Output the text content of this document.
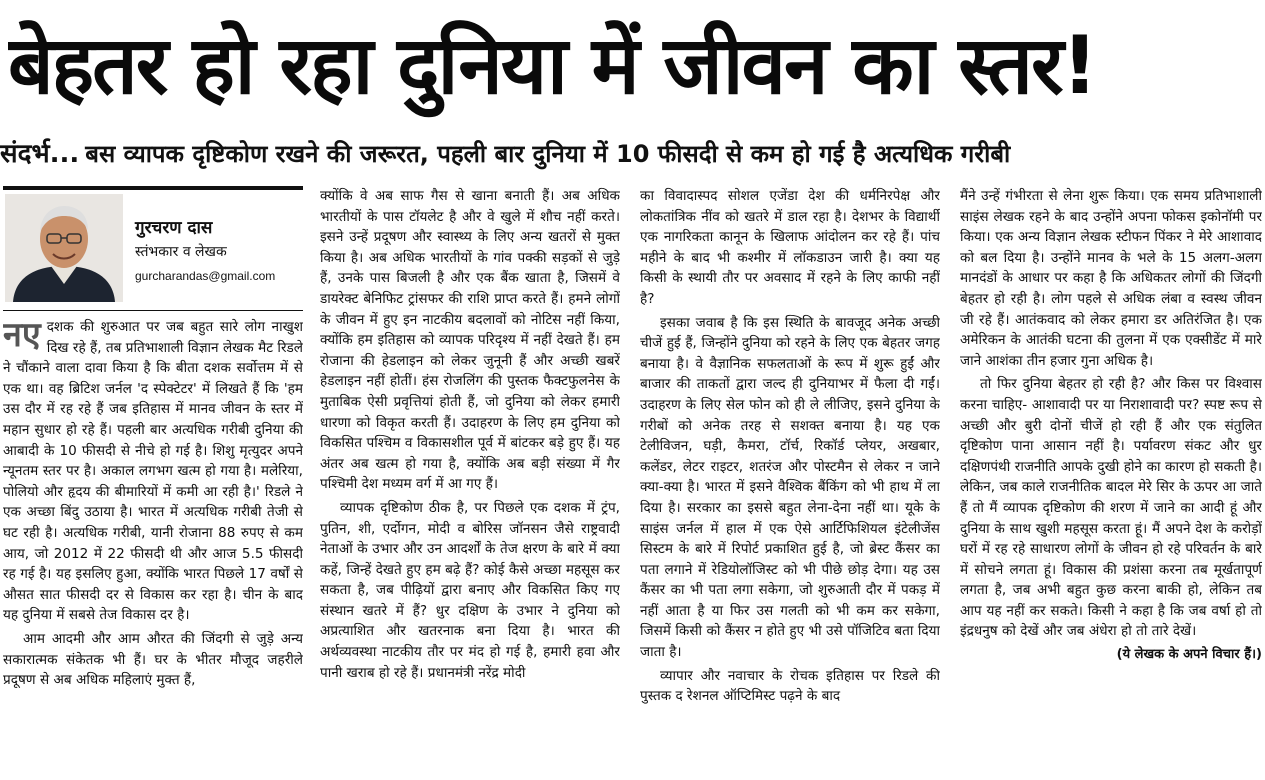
बेहतर हो रहा दुनिया में जीवन का स्तर!
संदर्भ... बस व्यापक दृष्टिकोण रखने की जरूरत, पहली बार दुनिया में 10 फीसदी से कम हो गई है अत्यधिक गरीबी
गुरचरण दास
स्तंभकार व लेखक
gurcharandas@gmail.com

नए दशक की शुरुआत पर जब बहुत सारे लोग नाखुश दिख रहे हैं, तब प्रतिभाशाली विज्ञान लेखक मैट रिडले ने चौंकाने वाला दावा किया है कि बीता दशक सर्वोत्तम में से एक था। वह ब्रिटिश जर्नल 'द स्पेक्टेटर' में लिखते हैं कि 'हम उस दौर में रह रहे हैं जब इतिहास में मानव जीवन के स्तर में महान सुधार हो रहे हैं। पहली बार अत्यधिक गरीबी दुनिया की आबादी के 10 फीसदी से नीचे हो गई है। शिशु मृत्युदर अपने न्यूनतम स्तर पर है। अकाल लगभग खत्म हो गया है। मलेरिया, पोलियो और हृदय की बीमारियों में कमी आ रही है।' रिडले ने एक अच्छा बिंदु उठाया है। भारत में अत्यधिक गरीबी तेजी से घट रही है। अत्यधिक गरीबी, यानी रोजाना 88 रुपए से कम आय, जो 2012 में 22 फीसदी थी और आज 5.5 फीसदी रह गई है। यह इसलिए हुआ, क्योंकि भारत पिछले 17 वर्षों से औसत सात फीसदी दर से विकास कर रहा है। चीन के बाद यह दुनिया में सबसे तेज विकास दर है।

आम आदमी और आम औरत की जिंदगी से जुड़े अन्य सकारात्मक संकेतक भी हैं। घर के भीतर मौजूद जहरीले प्रदूषण से अब अधिक महिलाएं मुक्त हैं,

क्योंकि वे अब साफ गैस से खाना बनाती हैं। अब अधिक भारतीयों के पास टॉयलेट है और वे खुले में शौच नहीं करते। इसने उन्हें प्रदूषण और स्वास्थ्य के लिए अन्य खतरों से मुक्त किया है। अब अधिक भारतीयों के गांव पक्की सड़कों से जुड़े हैं, उनके पास बिजली है और एक बैंक खाता है, जिसमें वे डायरेक्ट बेनिफिट ट्रांसफर की राशि प्राप्त करते हैं। हमने लोगों के जीवन में हुए इन नाटकीय बदलावों को नोटिस नहीं किया, क्योंकि हम इतिहास को व्यापक परिदृश्य में नहीं देखते हैं। हम रोजाना की हेडलाइन को लेकर जुनूनी हैं और अच्छी खबरें हेडलाइन नहीं होतीं। हंस रोजलिंग की पुस्तक फैक्टफुलनेस के मुताबिक ऐसी प्रवृत्तियां होती हैं, जो दुनिया को लेकर हमारी धारणा को विकृत करती हैं। उदाहरण के लिए हम दुनिया को विकसित पश्चिम व विकासशील पूर्व में बांटकर बड़े हुए हैं। यह अंतर अब खत्म हो गया है, क्योंकि अब बड़ी संख्या में गैर पश्चिमी देश मध्यम वर्ग में आ गए हैं।

व्यापक दृष्टिकोण ठीक है, पर पिछले एक दशक में ट्रंप, पुतिन, शी, एर्दोगन, मोदी व बोरिस जॉनसन जैसे राष्ट्रवादी नेताओं के उभार और उन आदर्शों के तेज क्षरण के बारे में क्या कहें, जिन्हें देखते हुए हम बढ़े हैं? कोई कैसे अच्छा महसूस कर सकता है, जब पीढ़ियों द्वारा बनाए और विकसित किए गए संस्थान खतरे में हैं? धुर दक्षिण के उभार ने दुनिया को अप्रत्याशित और खतरनाक बना दिया है। भारत की अर्थव्यवस्था नाटकीय तौर पर मंद हो गई है, हमारी हवा और पानी खराब हो रहे हैं। प्रधानमंत्री नरेंद्र मोदी

का विवादास्पद सोशल एजेंडा देश की धर्मनिरपेक्ष और लोकतांत्रिक नींव को खतरे में डाल रहा है। देशभर के विद्यार्थी एक नागरिकता कानून के खिलाफ आंदोलन कर रहे हैं। पांच महीने के बाद भी कश्मीर में लॉकडाउन जारी है। क्या यह किसी के स्थायी तौर पर अवसाद में रहने के लिए काफी नहीं है?

इसका जवाब है कि इस स्थिति के बावजूद अनेक अच्छी चीजें हुई हैं, जिन्होंने दुनिया को रहने के लिए एक बेहतर जगह बनाया है। वे वैज्ञानिक सफलताओं के रूप में शुरू हुईं और बाजार की ताकतों द्वारा जल्द ही दुनियाभर में फैला दी गईं। उदाहरण के लिए सेल फोन को ही ले लीजिए, इसने दुनिया के गरीबों को अनेक तरह से सशक्त बनाया है। यह एक टेलीविजन, घड़ी, कैमरा, टॉर्च, रिकॉर्ड प्लेयर, अखबार, कलेंडर, लेटर राइटर, शतरंज और पोस्टमैन से लेकर न जाने क्या-क्या है। भारत में इसने वैश्विक बैंकिंग को भी हाथ में ला दिया है। सरकार का इससे बहुत लेना-देना नहीं था। यूके के साइंस जर्नल में हाल में एक ऐसे आर्टिफिशियल इंटेलीजेंस सिस्टम के बारे में रिपोर्ट प्रकाशित हुई है, जो ब्रेस्ट कैंसर का पता लगाने में रेडियोलॉजिस्ट को भी पीछे छोड़ देगा। यह उस कैंसर का भी पता लगा सकेगा, जो शुरुआती दौर में पकड़ में नहीं आता है या फिर उस गलती को भी कम कर सकेगा, जिसमें किसी को कैंसर न होते हुए भी उसे पॉजिटिव बता दिया जाता है।

व्यापार और नवाचार के रोचक इतिहास पर रिडले की पुस्तक द रेशनल ऑप्टिमिस्ट पढ़ने के बाद

मैंने उन्हें गंभीरता से लेना शुरू किया। एक समय प्रतिभाशाली साइंस लेखक रहने के बाद उन्होंने अपना फोकस इकोनॉमी पर किया। एक अन्य विज्ञान लेखक स्टीफन पिंकर ने मेरे आशावाद को बल दिया है। उन्होंने मानव के भले के 15 अलग-अलग मानदंडों के आधार पर कहा है कि अधिकतर लोगों की जिंदगी बेहतर हो रही है। लोग पहले से अधिक लंबा व स्वस्थ जीवन जी रहे हैं। आतंकवाद को लेकर हमारा डर अतिरंजित है। एक अमेरिकन के आतंकी घटना की तुलना में एक एक्सीडेंट में मारे जाने आशंका तीन हजार गुना अधिक है।

तो फिर दुनिया बेहतर हो रही है? और किस पर विश्वास करना चाहिए- आशावादी पर या निराशावादी पर? स्पष्ट रूप से अच्छी और बुरी दोनों चीजें हो रही हैं और एक संतुलित दृष्टिकोण पाना आसान नहीं है। पर्यावरण संकट और धुर दक्षिणपंथी राजनीति आपके दुखी होने का कारण हो सकती है। लेकिन, जब काले राजनीतिक बादल मेरे सिर के ऊपर आ जाते हैं तो मैं व्यापक दृष्टिकोण की शरण में जाने का आदी हूं और दुनिया के साथ खुशी महसूस करता हूं। मैं अपने देश के करोड़ों घरों में रह रहे साधारण लोगों के जीवन हो रहे परिवर्तन के बारे में सोचने लगता हूं। विकास की प्रशंसा करना तब मूर्खतापूर्ण लगता है, जब अभी बहुत कुछ करना बाकी हो, लेकिन तब आप यह नहीं कर सकते। किसी ने कहा है कि जब वर्षा हो तो इंद्रधनुष को देखें और जब अंधेरा हो तो तारे देखें।

(ये लेखक के अपने विचार हैं।)
